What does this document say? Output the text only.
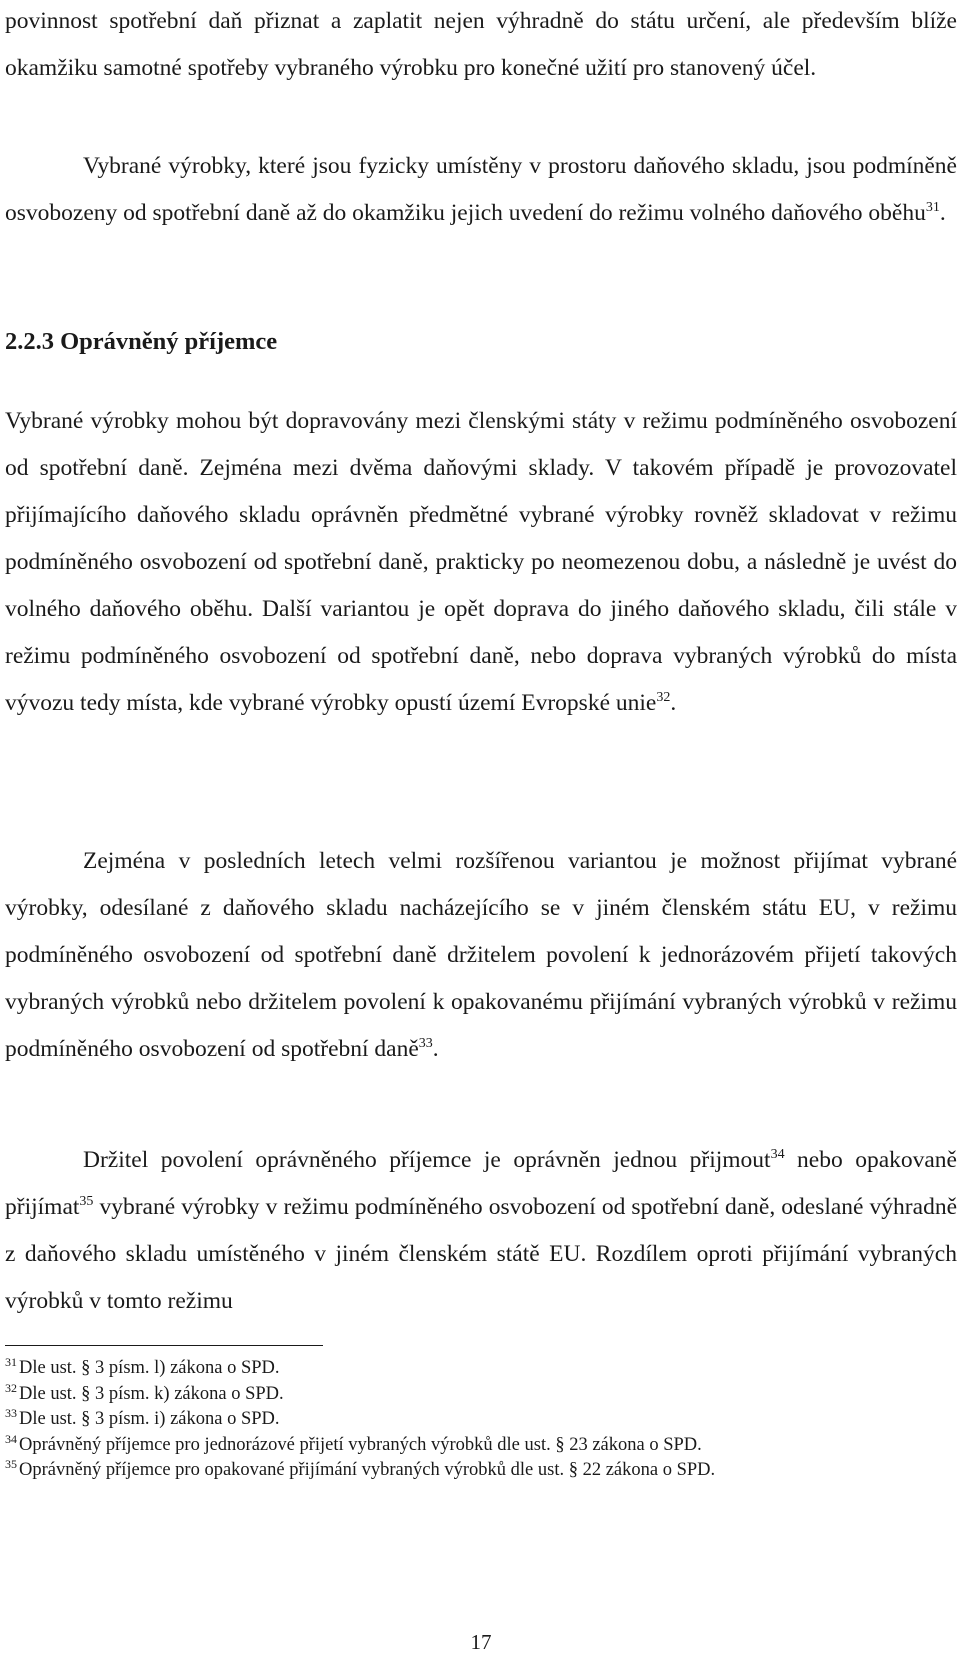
povinnost spotřební daň přiznat a zaplatit nejen výhradně do státu určení, ale především blíže okamžiku samotné spotřeby vybraného výrobku pro konečné užití pro stanovený účel.

Vybrané výrobky, které jsou fyzicky umístěny v prostoru daňového skladu, jsou podmíněně osvobozeny od spotřební daně až do okamžiku jejich uvedení do režimu volného daňového oběhu$^{31}$.

2.2.3 Oprávněný příjemce

Vybrané výrobky mohou být dopravovány mezi členskými státy v režimu podmíněného osvobození od spotřební daně. Zejména mezi dvěma daňovými sklady. V takovém případě je provozovatel přijímajícího daňového skladu oprávněn předmětné vybrané výrobky rovněž skladovat v režimu podmíněného osvobození od spotřební daně, prakticky po neomezenou dobu, a následně je uvést do volného daňového oběhu. Další variantou je opět doprava do jiného daňového skladu, čili stále v režimu podmíněného osvobození od spotřební daně, nebo doprava vybraných výrobků do místa vývozu tedy místa, kde vybrané výrobky opustí území Evropské unie$^{32}$.

Zejména v posledních letech velmi rozšířenou variantou je možnost přijímat vybrané výrobky, odesílané z daňového skladu nacházejícího se v jiném členském státu EU, v režimu podmíněného osvobození od spotřební daně držitelem povolení k jednorázovém přijetí takových vybraných výrobků nebo držitelem povolení k opakovanému přijímání vybraných výrobků v režimu podmíněného osvobození od spotřební daně$^{33}$.

Držitel povolení oprávněného příjemce je oprávněn jednou přijmout$^{34}$ nebo opakovaně přijímat$^{35}$ vybrané výrobky v režimu podmíněného osvobození od spotřební daně, odeslané výhradně z daňového skladu umístěného v jiném členském státě EU. Rozdílem oproti přijímání vybraných výrobků v tomto režimu

$^{31}$ Dle ust. § 3 písm. l) zákona o SPD.
$^{32}$ Dle ust. § 3 písm. k) zákona o SPD.
$^{33}$ Dle ust. § 3 písm. i) zákona o SPD.
$^{34}$ Oprávněný příjemce pro jednorázové přijetí vybraných výrobků dle ust. § 23 zákona o SPD.
$^{35}$ Oprávněný příjemce pro opakované přijímání vybraných výrobků dle ust. § 22 zákona o SPD.
17
